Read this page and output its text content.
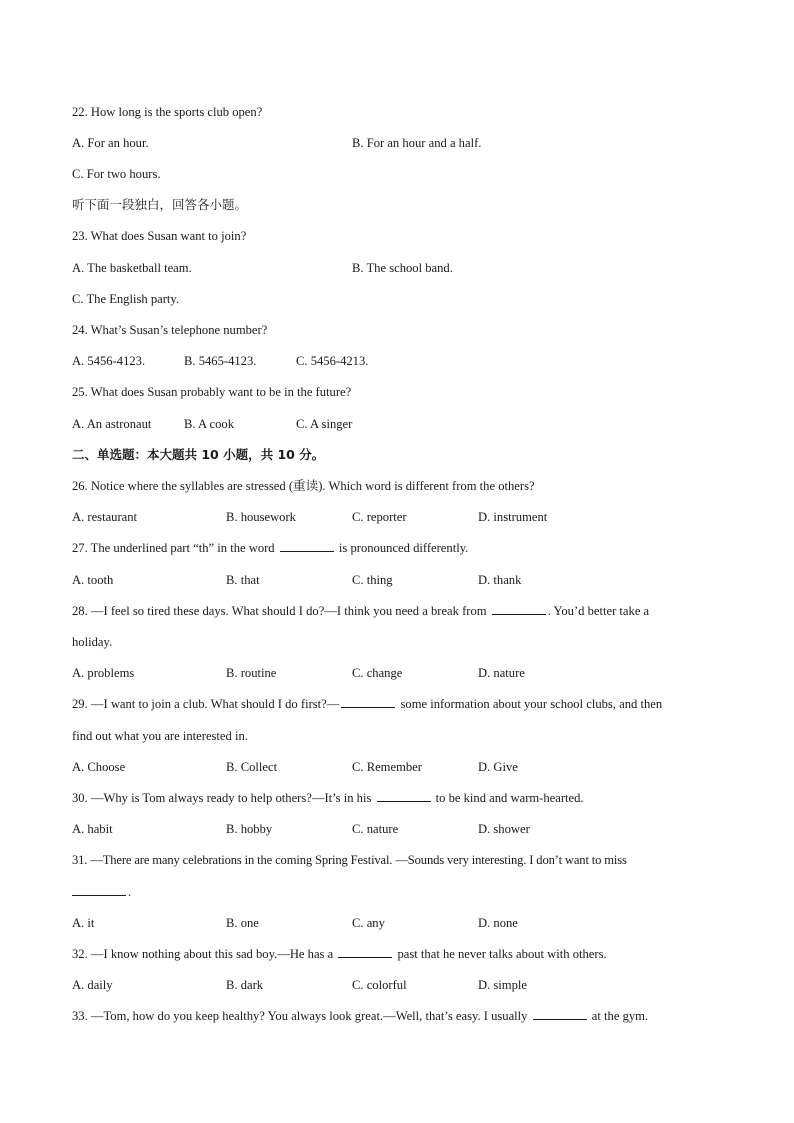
22. How long is the sports club open?
A. For an hour.	B. For an hour and a half.
C. For two hours.
听下面一段独白，回答各小题。
23. What does Susan want to join?
A. The basketball team.	B. The school band.
C. The English party.
24. What’s Susan’s telephone number?
A. 5456-4123.	B. 5465-4123.	C. 5456-4213.
25. What does Susan probably want to be in the future?
A. An astronaut	B. A cook	C. A singer
二、单选题：本大题共 10 小题，共 10 分。
26. Notice where the syllables are stressed (重读). Which word is different from the others?
A. restaurant	B. housework	C. reporter	D. instrument
27. The underlined part “th” in the word	is pronounced differently.
A. tooth	B. that	C. thing	D. thank
28. —I feel so tired these days. What should I do?—I think you need a break from	. You’d better take a
holiday.
A. problems	B. routine	C. change	D. nature
29. —I want to join a club. What should I do first?—	some information about your school clubs, and then
find out what you are interested in.
A. Choose	B. Collect	C. Remember	D. Give
30. —Why is Tom always ready to help others?—It’s in his	to be kind and warm-hearted.
A. habit	B. hobby	C. nature	D. shower
31. —There are many celebrations in the coming Spring Festival. —Sounds very interesting. I don’t want to miss
.
A. it	B. one	C. any	D. none
32. —I know nothing about this sad boy.—He has a	past that he never talks about with others.
A. daily	B. dark	C. colorful	D. simple
33. —Tom, how do you keep healthy? You always look great.—Well, that’s easy. I usually	at the gym.
